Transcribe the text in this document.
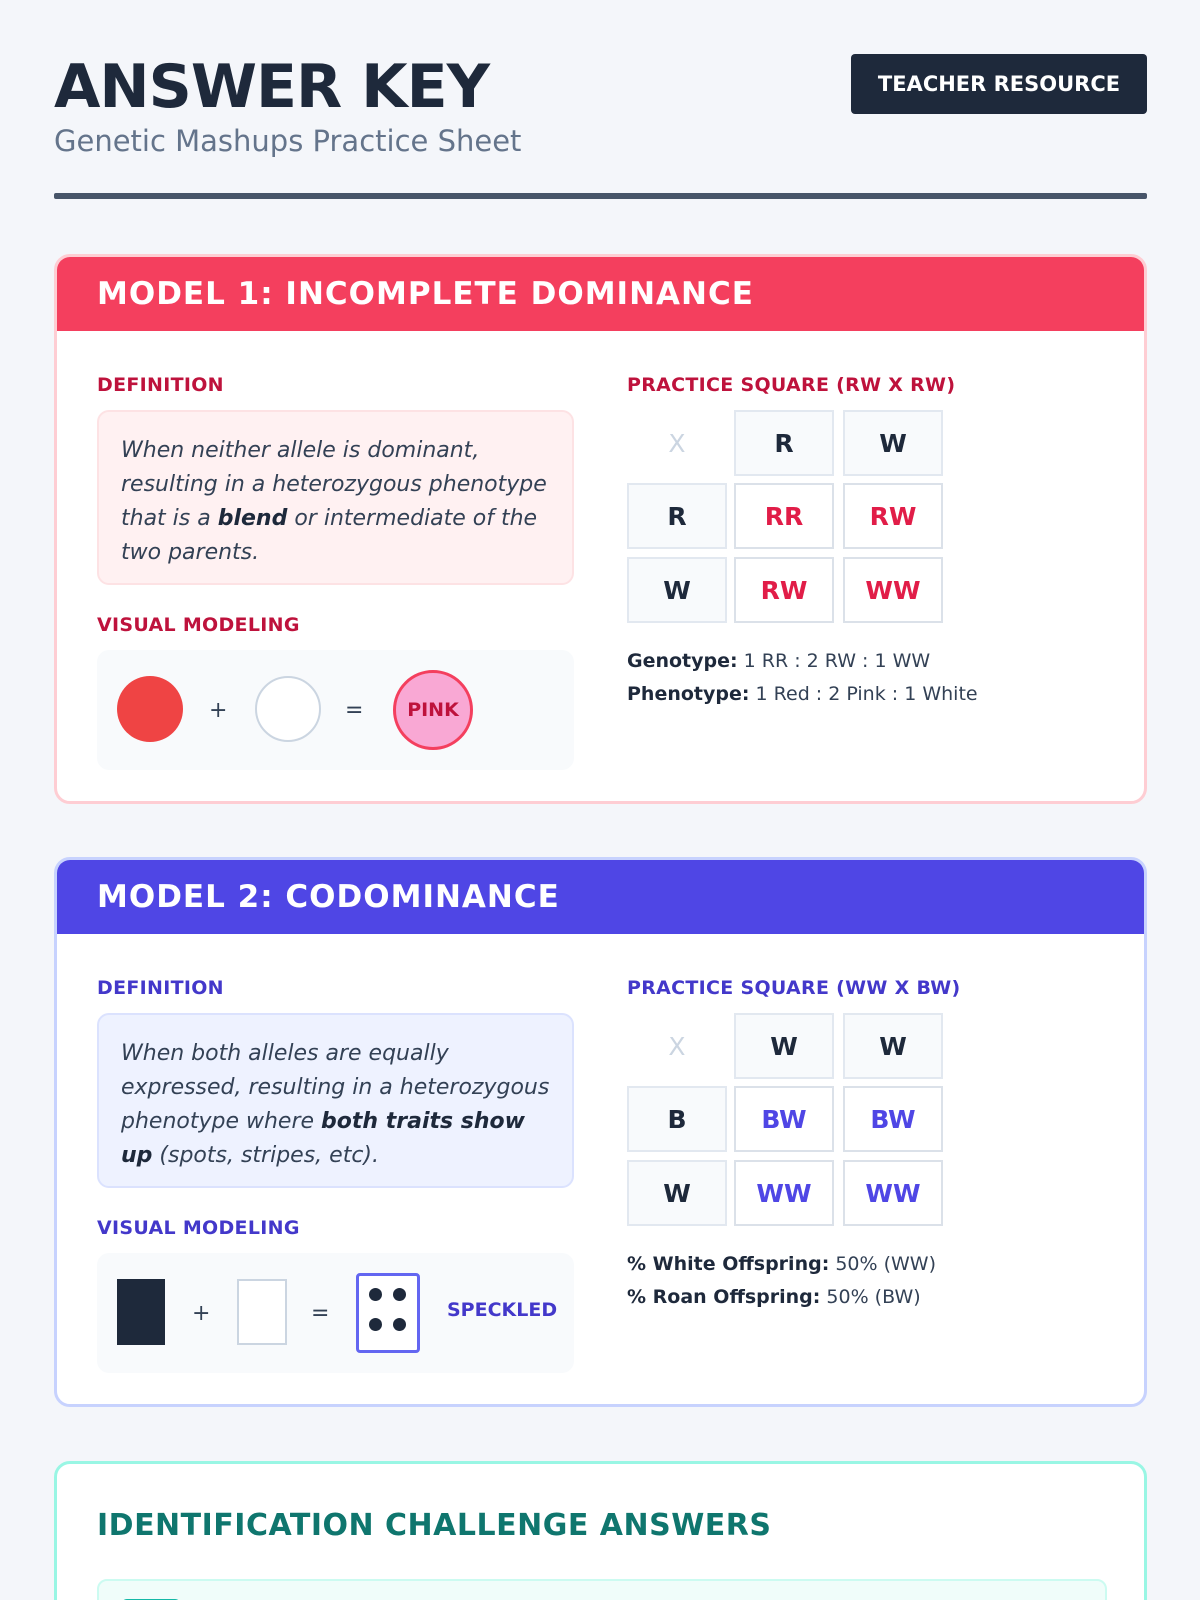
ANSWER KEY
Genetic Mashups Practice Sheet
TEACHER RESOURCE
MODEL 1: INCOMPLETE DOMINANCE
DEFINITION
When neither allele is dominant, resulting in a heterozygous phenotype that is a blend or intermediate of the two parents.
VISUAL MODELING
+	= PINK
PRACTICE SQUARE (RW X RW)
X	R	W
R	RR	RW
W	RW	WW
Genotype: 1 RR : 2 RW : 1 WW
Phenotype: 1 Red : 2 Pink : 1 White
MODEL 2: CODOMINANCE
DEFINITION
When both alleles are equally expressed, resulting in a heterozygous phenotype where both traits show up (spots, stripes, etc).
VISUAL MODELING
+	=	SPECKLED
PRACTICE SQUARE (WW X BW)
X	W	W
B	BW	BW
W	WW	WW
% White Offspring: 50% (WW)
% Roan Offspring: 50% (BW)
IDENTIFICATION CHALLENGE ANSWERS
